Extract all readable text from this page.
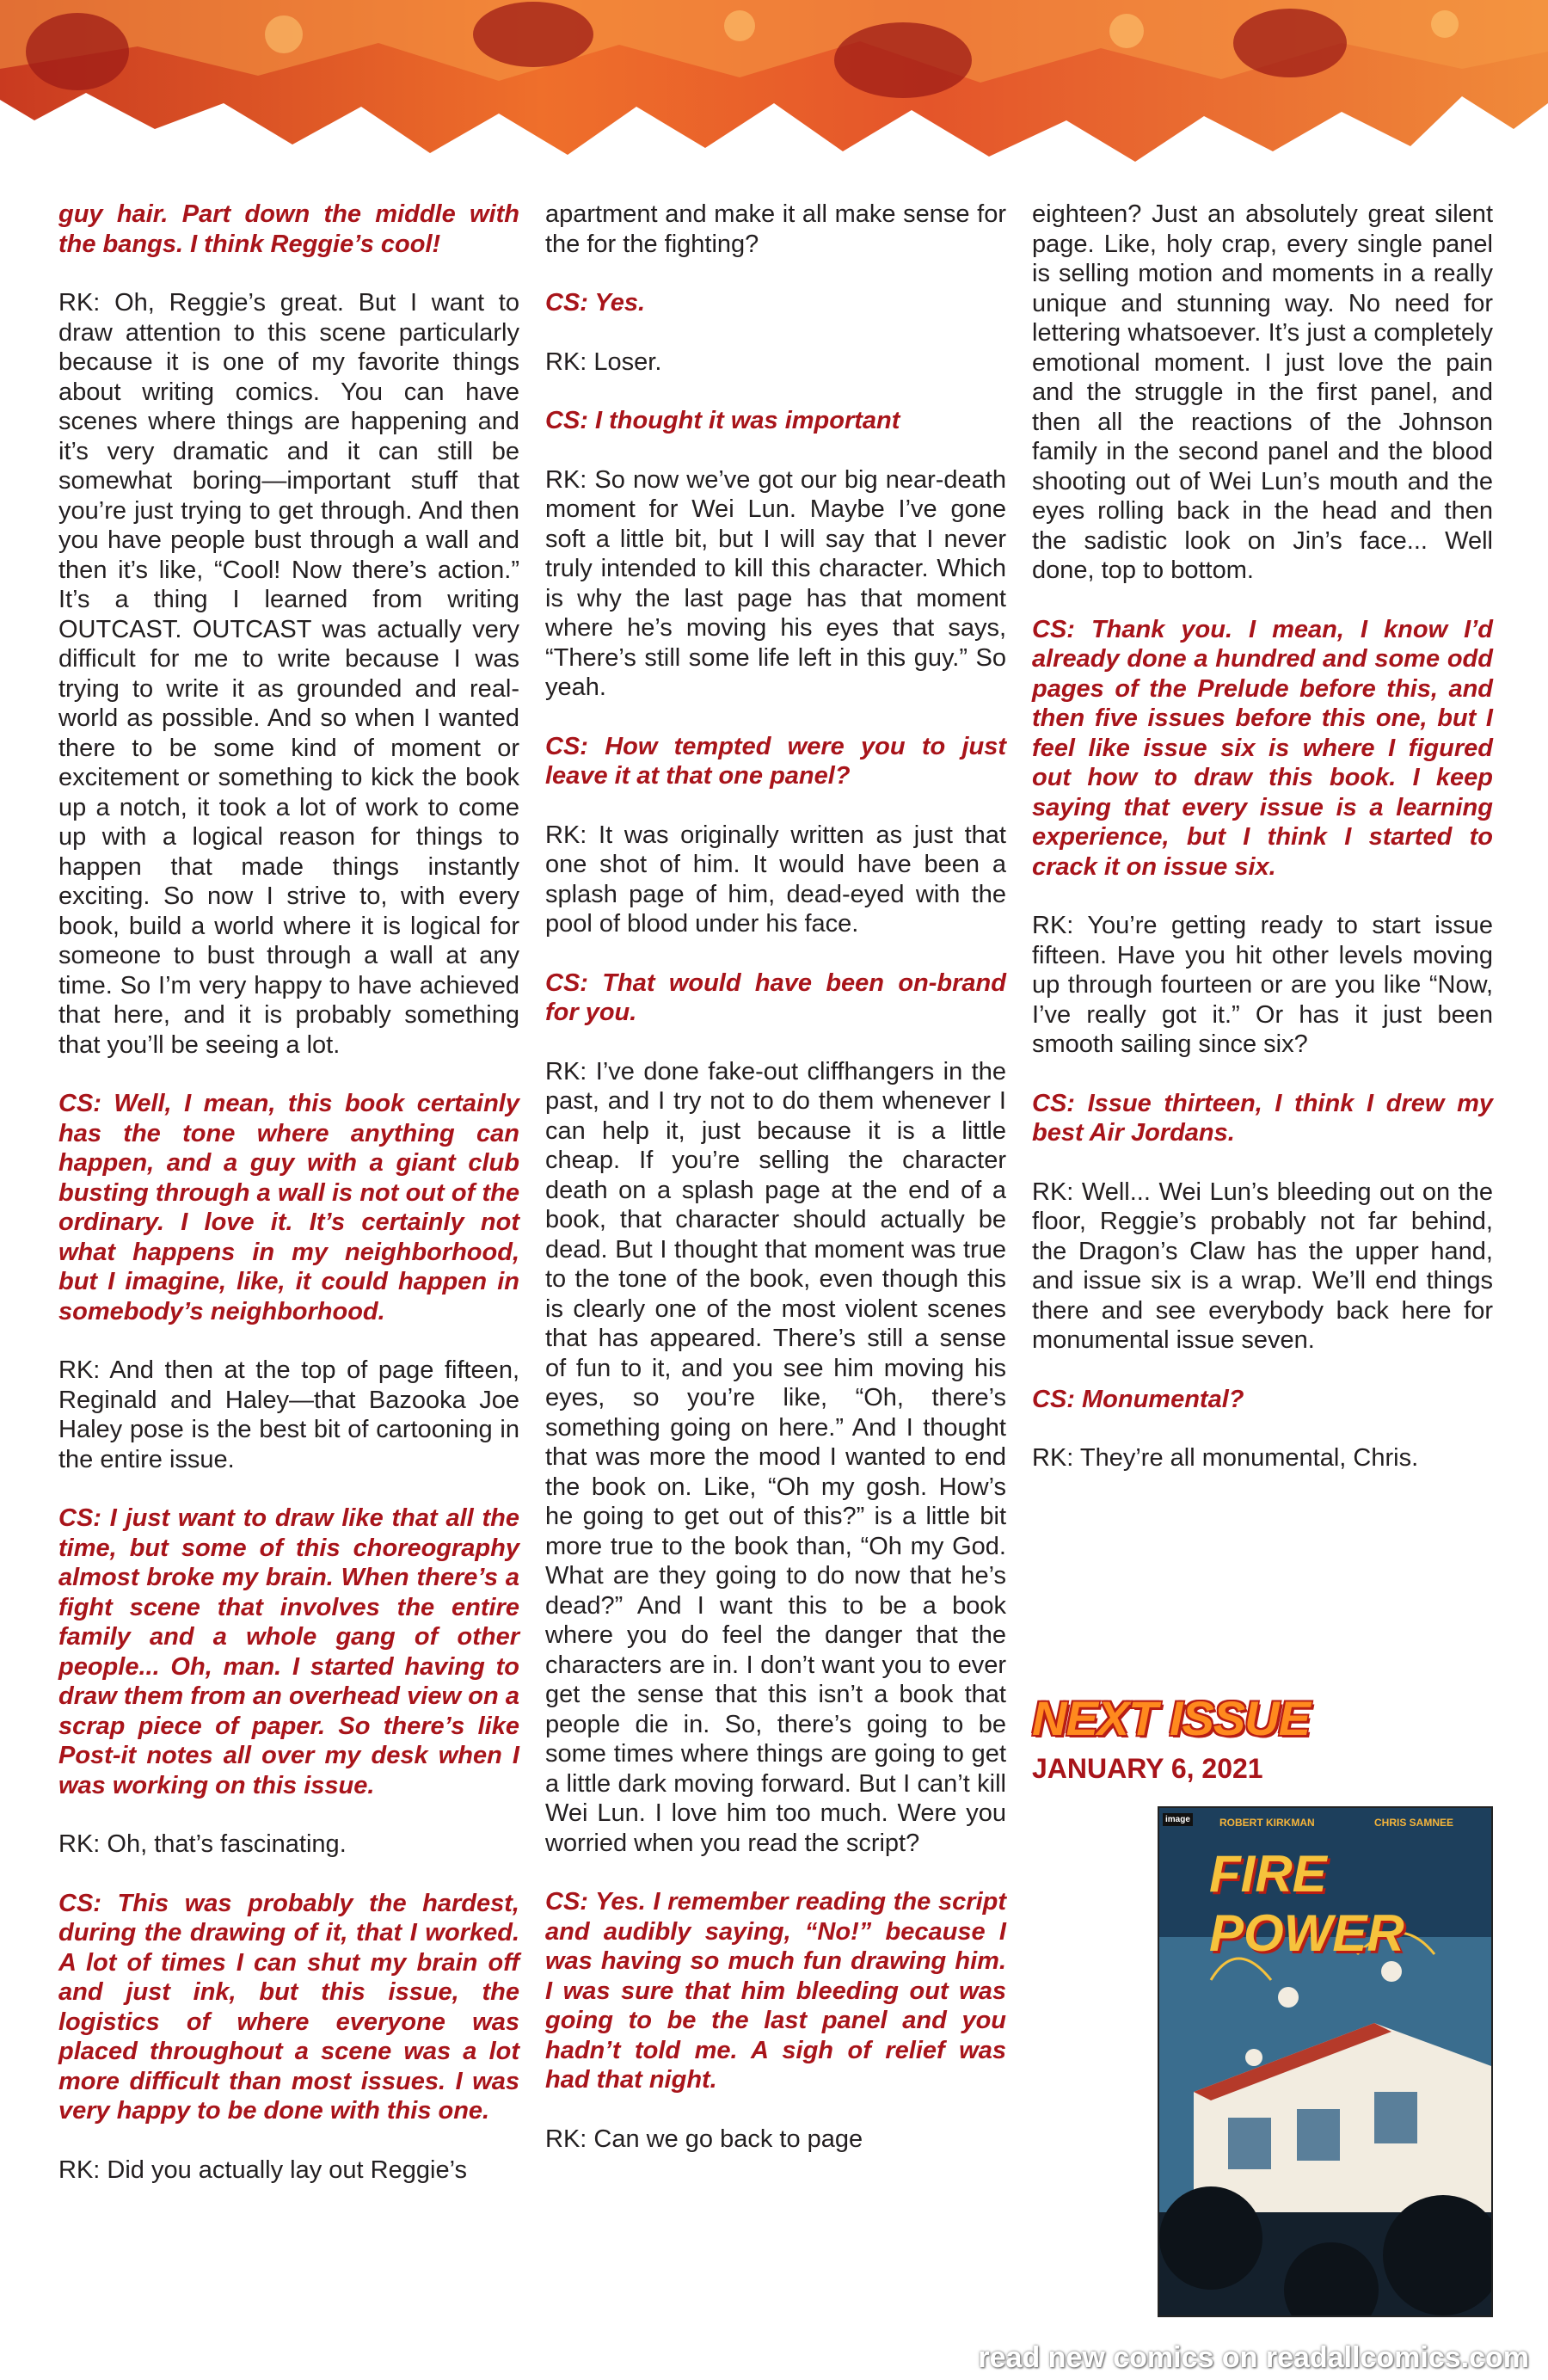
guy hair. Part down the middle with the bangs. I think Reggie’s cool!

RK: Oh, Reggie’s great. But I want to draw attention to this scene particularly because it is one of my favorite things about writing comics. You can have scenes where things are happening and it’s very dramatic and it can still be somewhat boring—important stuff that you’re just trying to get through. And then you have people bust through a wall and then it’s like, “Cool! Now there’s action.” It’s a thing I learned from writing OUTCAST. OUTCAST was actually very difficult for me to write because I was trying to write it as grounded and real-world as possible. And so when I wanted there to be some kind of moment or excitement or something to kick the book up a notch, it took a lot of work to come up with a logical reason for things to happen that made things instantly exciting. So now I strive to, with every book, build a world where it is logical for someone to bust through a wall at any time. So I’m very happy to have achieved that here, and it is probably something that you’ll be seeing a lot.

CS: Well, I mean, this book certainly has the tone where anything can happen, and a guy with a giant club busting through a wall is not out of the ordinary. I love it. It’s certainly not what happens in my neighborhood, but I imagine, like, it could happen in somebody’s neighborhood.

RK: And then at the top of page fifteen, Reginald and Haley—that Bazooka Joe Haley pose is the best bit of cartooning in the entire issue.

CS: I just want to draw like that all the time, but some of this choreography almost broke my brain. When there’s a fight scene that involves the entire family and a whole gang of other people... Oh, man. I started having to draw them from an overhead view on a scrap piece of paper. So there’s like Post-it notes all over my desk when I was working on this issue.

RK: Oh, that’s fascinating.

CS: This was probably the hardest, during the drawing of it, that I worked. A lot of times I can shut my brain off and just ink, but this issue, the logistics of where everyone was placed throughout a scene was a lot more difficult than most issues. I was very happy to be done with this one.

RK: Did you actually lay out Reggie’s

apartment and make it all make sense for the for the fighting?

CS: Yes.

RK: Loser.

CS: I thought it was important

RK: So now we’ve got our big near-death moment for Wei Lun. Maybe I’ve gone soft a little bit, but I will say that I never truly intended to kill this character. Which is why the last page has that moment where he’s moving his eyes that says, “There’s still some life left in this guy.” So yeah.

CS: How tempted were you to just leave it at that one panel?

RK: It was originally written as just that one shot of him. It would have been a splash page of him, dead-eyed with the pool of blood under his face.

CS: That would have been on-brand for you.

RK: I’ve done fake-out cliffhangers in the past, and I try not to do them whenever I can help it, just because it is a little cheap. If you’re selling the character death on a splash page at the end of a book, that character should actually be dead. But I thought that moment was true to the tone of the book, even though this is clearly one of the most violent scenes that has appeared. There’s still a sense of fun to it, and you see him moving his eyes, so you’re like, “Oh, there’s something going on here.” And I thought that was more the mood I wanted to end the book on. Like, “Oh my gosh. How’s he going to get out of this?” is a little bit more true to the book than, “Oh my God. What are they going to do now that he’s dead?” And I want this to be a book where you do feel the danger that the characters are in. I don’t want you to ever get the sense that this isn’t a book that people die in. So, there’s going to be some times where things are going to get a little dark moving forward. But I can’t kill Wei Lun. I love him too much. Were you worried when you read the script?

CS: Yes. I remember reading the script and audibly saying, “No!” because I was having so much fun drawing him. I was sure that him bleeding out was going to be the last panel and you hadn’t told me. A sigh of relief was had that night.

RK: Can we go back to page

eighteen? Just an absolutely great silent page. Like, holy crap, every single panel is selling motion and moments in a really unique and stunning way. No need for lettering whatsoever. It’s just a completely emotional moment. I just love the pain and the struggle in the first panel, and then all the reactions of the Johnson family in the second panel and the blood shooting out of Wei Lun’s mouth and the eyes rolling back in the head and then the sadistic look on Jin’s face... Well done, top to bottom.

CS: Thank you. I mean, I know I’d already done a hundred and some odd pages of the Prelude before this, and then five issues before this one, but I feel like issue six is where I figured out how to draw this book. I keep saying that every issue is a learning experience, but I think I started to crack it on issue six.

RK: You’re getting ready to start issue fifteen. Have you hit other levels moving up through fourteen or are you like “Now, I’ve really got it.” Or has it just been smooth sailing since six?

CS: Issue thirteen, I think I drew my best Air Jordans.

RK: Well... Wei Lun’s bleeding out on the floor, Reggie’s probably not far behind, the Dragon’s Claw has the upper hand, and issue six is a wrap. We’ll end things there and see everybody back here for monumental issue seven.

CS: Monumental?

RK: They’re all monumental, Chris.

NEXT ISSUE
JANUARY 6, 2021
image	ROBERT KIRKMAN	CHRIS SAMNEE
FIRE POWER
read new comics on readallcomics.com
